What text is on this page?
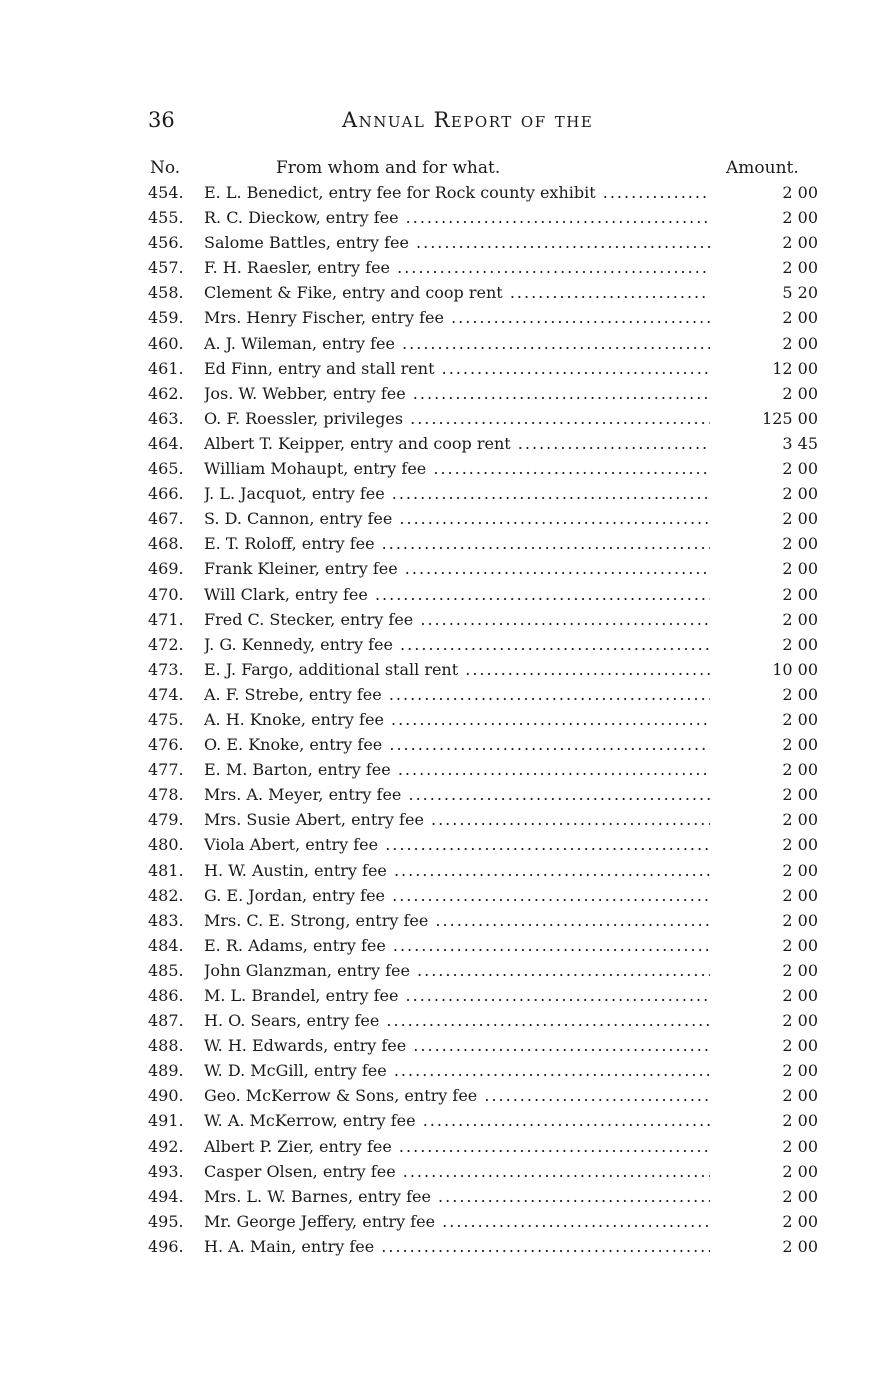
36	Annual Report of the
No.	From whom and for what.	Amount.
454.	E. L. Benedict, entry fee for Rock county exhibit .....	2 00
455.	R. C. Dieckow, entry fee .....	2 00
456.	Salome Battles, entry fee .....	2 00
457.	F. H. Raesler, entry fee .....	2 00
458.	Clement & Fike, entry and coop rent .....	5 20
459.	Mrs. Henry Fischer, entry fee .....	2 00
460.	A. J. Wileman, entry fee .....	2 00
461.	Ed Finn, entry and stall rent .....	12 00
462.	Jos. W. Webber, entry fee .....	2 00
463.	O. F. Roessler, privileges .....	125 00
464.	Albert T. Keipper, entry and coop rent .....	3 45
465.	William Mohaupt, entry fee .....	2 00
466.	J. L. Jacquot, entry fee .....	2 00
467.	S. D. Cannon, entry fee .....	2 00
468.	E. T. Roloff, entry fee .....	2 00
469.	Frank Kleiner, entry fee .....	2 00
470.	Will Clark, entry fee .....	2 00
471.	Fred C. Stecker, entry fee .....	2 00
472.	J. G. Kennedy, entry fee .....	2 00
473.	E. J. Fargo, additional stall rent .....	10 00
474.	A. F. Strebe, entry fee .....	2 00
475.	A. H. Knoke, entry fee .....	2 00
476.	O. E. Knoke, entry fee .....	2 00
477.	E. M. Barton, entry fee .....	2 00
478.	Mrs. A. Meyer, entry fee .....	2 00
479.	Mrs. Susie Abert, entry fee .....	2 00
480.	Viola Abert, entry fee .....	2 00
481.	H. W. Austin, entry fee .....	2 00
482.	G. E. Jordan, entry fee .....	2 00
483.	Mrs. C. E. Strong, entry fee .....	2 00
484.	E. R. Adams, entry fee .....	2 00
485.	John Glanzman, entry fee .....	2 00
486.	M. L. Brandel, entry fee .....	2 00
487.	H. O. Sears, entry fee .....	2 00
488.	W. H. Edwards, entry fee .....	2 00
489.	W. D. McGill, entry fee .....	2 00
490.	Geo. McKerrow & Sons, entry fee .....	2 00
491.	W. A. McKerrow, entry fee .....	2 00
492.	Albert P. Zier, entry fee .....	2 00
493.	Casper Olsen, entry fee .....	2 00
494.	Mrs. L. W. Barnes, entry fee .....	2 00
495.	Mr. George Jeffery, entry fee .....	2 00
496.	H. A. Main, entry fee .....	2 00
